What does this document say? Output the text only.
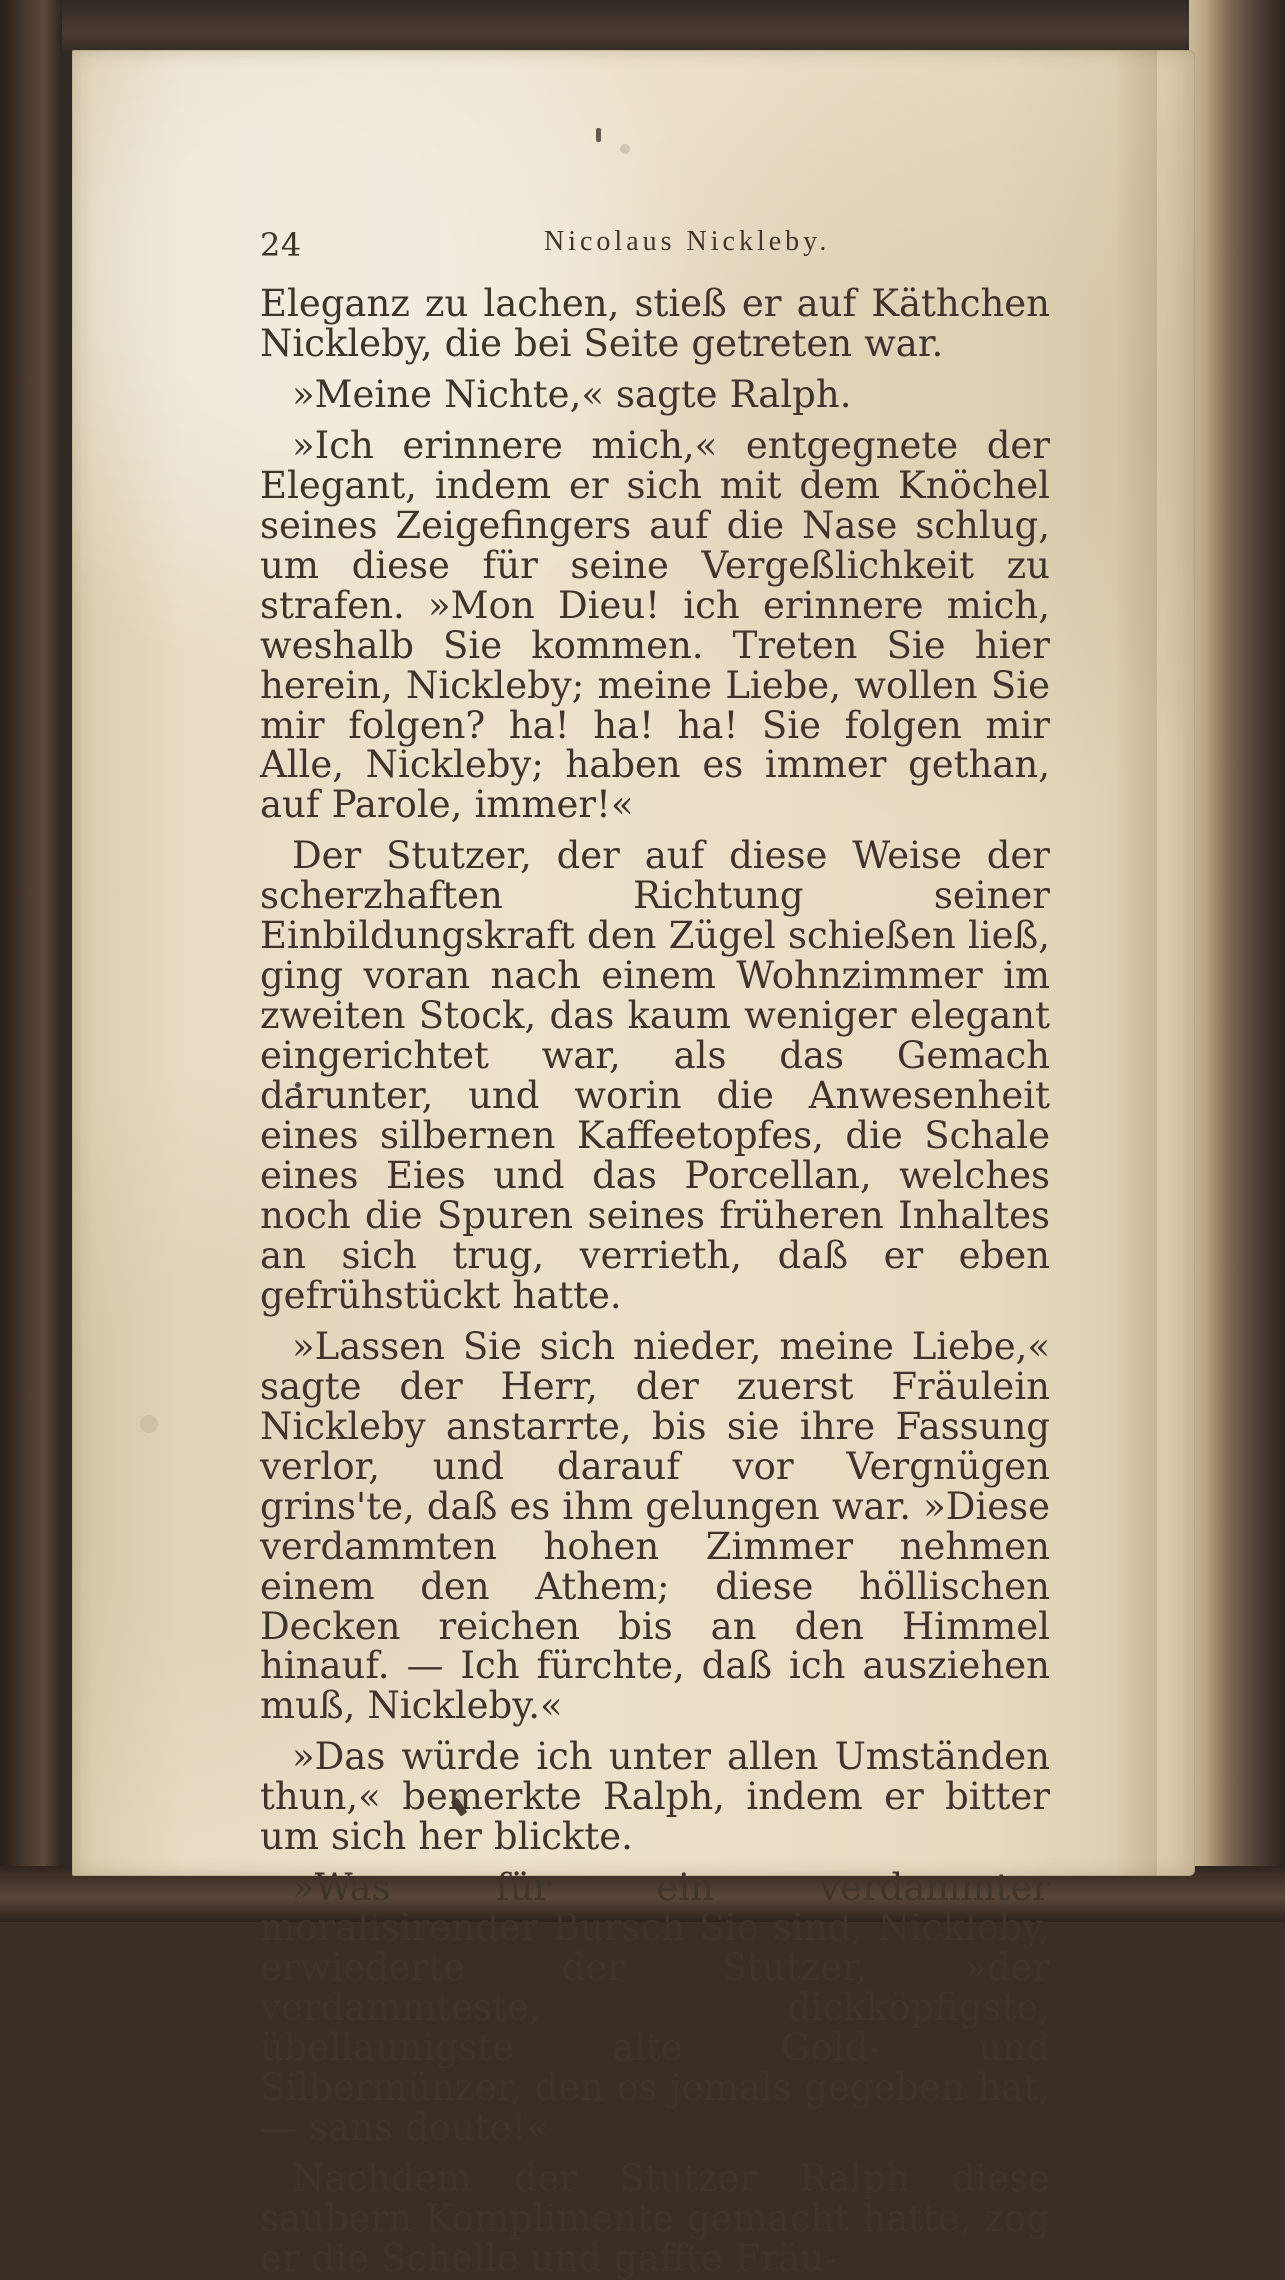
24	Nicolaus Nickleby.

Eleganz zu lachen, stieß er auf Käthchen Nickleby, die bei Seite getreten war.

»Meine Nichte,« sagte Ralph.

»Ich erinnere mich,« entgegnete der Elegant, indem er sich mit dem Knöchel seines Zeigefingers auf die Nase schlug, um diese für seine Vergeßlichkeit zu strafen. »Mon Dieu! ich erinnere mich, weshalb Sie kommen. Treten Sie hier herein, Nickleby; meine Liebe, wollen Sie mir folgen? ha! ha! ha! Sie folgen mir Alle, Nickleby; haben es immer gethan, auf Parole, immer!«

Der Stutzer, der auf diese Weise der scherzhaften Richtung seiner Einbildungskraft den Zügel schießen ließ, ging voran nach einem Wohnzimmer im zweiten Stock, das kaum weniger elegant eingerichtet war, als das Gemach darunter, und worin die Anwesenheit eines silbernen Kaffeetopfes, die Schale eines Eies und das Porcellan, welches noch die Spuren seines früheren Inhaltes an sich trug, verrieth, daß er eben gefrühstückt hatte.

»Lassen Sie sich nieder, meine Liebe,« sagte der Herr, der zuerst Fräulein Nickleby anstarrte, bis sie ihre Fassung verlor, und darauf vor Vergnügen grins'te, daß es ihm gelungen war. »Diese verdammten hohen Zimmer nehmen einem den Athem; diese höllischen Decken reichen bis an den Himmel hinauf. — Ich fürchte, daß ich ausziehen muß, Nickleby.«

»Das würde ich unter allen Umständen thun,« bemerkte Ralph, indem er bitter um sich her blickte.

»Was für ein verdammter moralisirender Bursch Sie sind, Nickleby, erwiederte der Stutzer, »der verdammteste, dickköpfigste, übellaunigste alte Gold- und Silbermünzer, den es jemals gegeben hat, — sans doute!«

Nachdem der Stutzer Ralph diese saubern Komplimente gemacht hatte, zog er die Schelle und gaffte Fräu-
